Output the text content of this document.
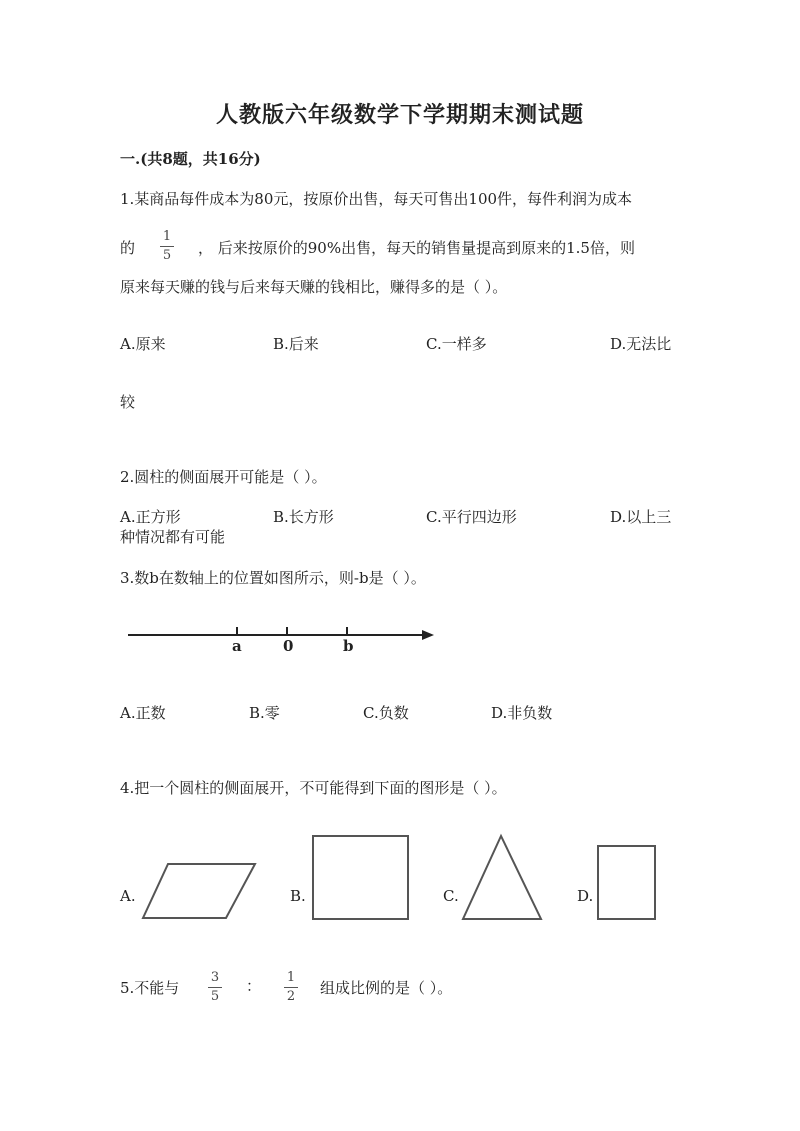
人教版六年级数学下学期期末测试题
一.(共8题，共16分)
1.某商品每件成本为80元，按原价出售，每天可售出100件，每件利润为成本
的
1
5	， 后来按原价的90%出售，每天的销售量提高到原来的1.5倍，则
原来每天赚的钱与后来每天赚的钱相比，赚得多的是（ ）。
A.原来	B.后来	C.一样多	D.无法比
较
2.圆柱的侧面展开可能是（ ）。
A.正方形	B.长方形	C.平行四边形	D.以上三
种情况都有可能
3.数b在数轴上的位置如图所示，则-b是（ ）。
a	0	b
A.正数	B.零	C.负数	D.非负数
4.把一个圆柱的侧面展开，不可能得到下面的图形是（ ）。
A.	B.	C.	D.
5.不能与
3
5
：	1
2	组成比例的是（ ）。
